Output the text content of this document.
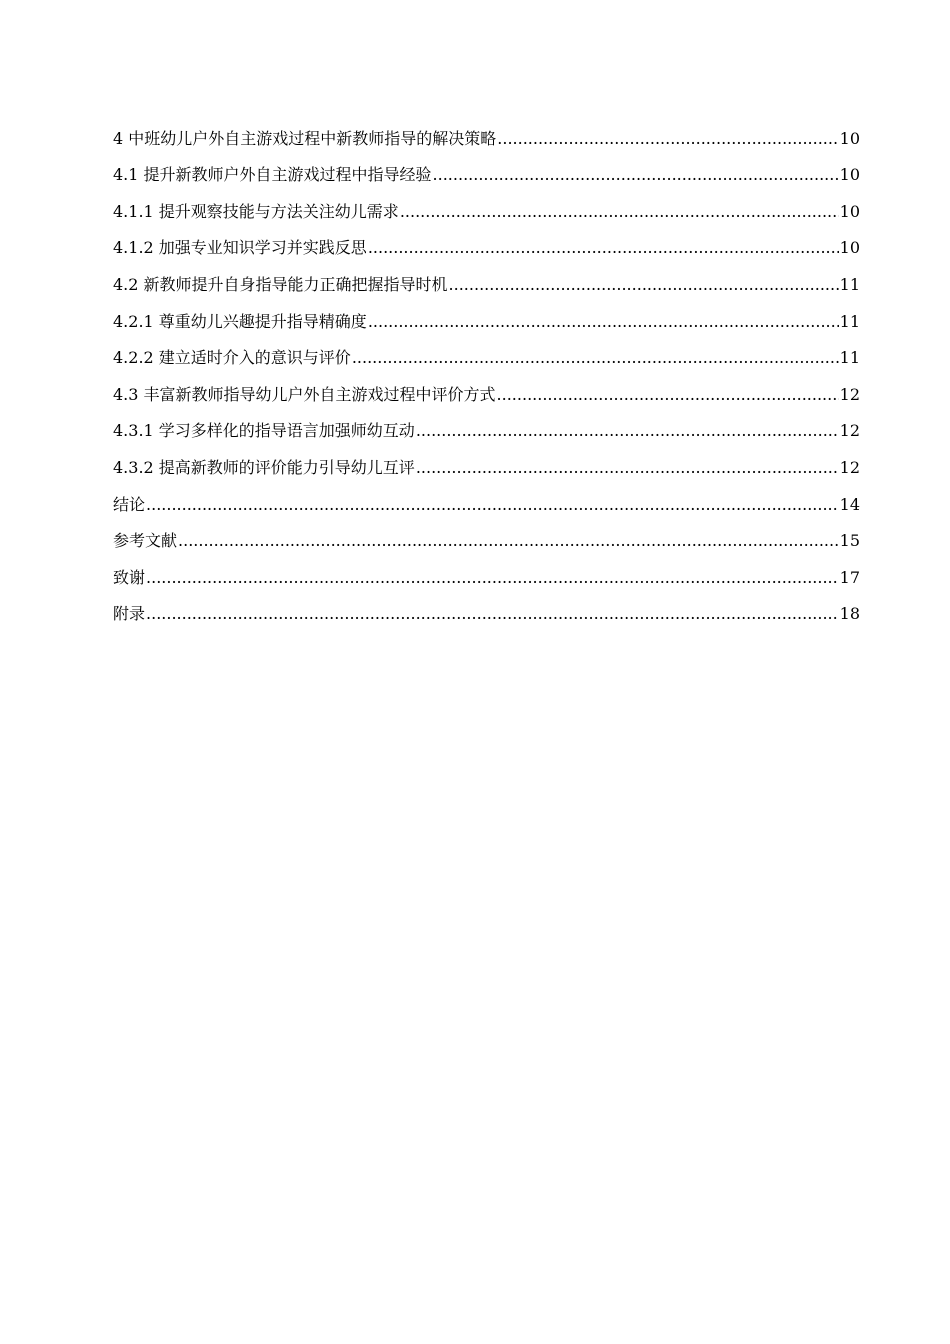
4 中班幼儿户外自主游戏过程中新教师指导的解决策略 .....	10
4.1 提升新教师户外自主游戏过程中指导经验 .....	10
4.1.1 提升观察技能与方法关注幼儿需求 .....	10
4.1.2 加强专业知识学习并实践反思 .....	10
4.2 新教师提升自身指导能力正确把握指导时机 .....	11
4.2.1 尊重幼儿兴趣提升指导精确度 .....	11
4.2.2 建立适时介入的意识与评价 .....	11
4.3 丰富新教师指导幼儿户外自主游戏过程中评价方式 .....	12
4.3.1 学习多样化的指导语言加强师幼互动 .....	12
4.3.2 提高新教师的评价能力引导幼儿互评 .....	12
结论 .....	14
参考文献 .....	15
致谢 .....	17
附录 .....	18
